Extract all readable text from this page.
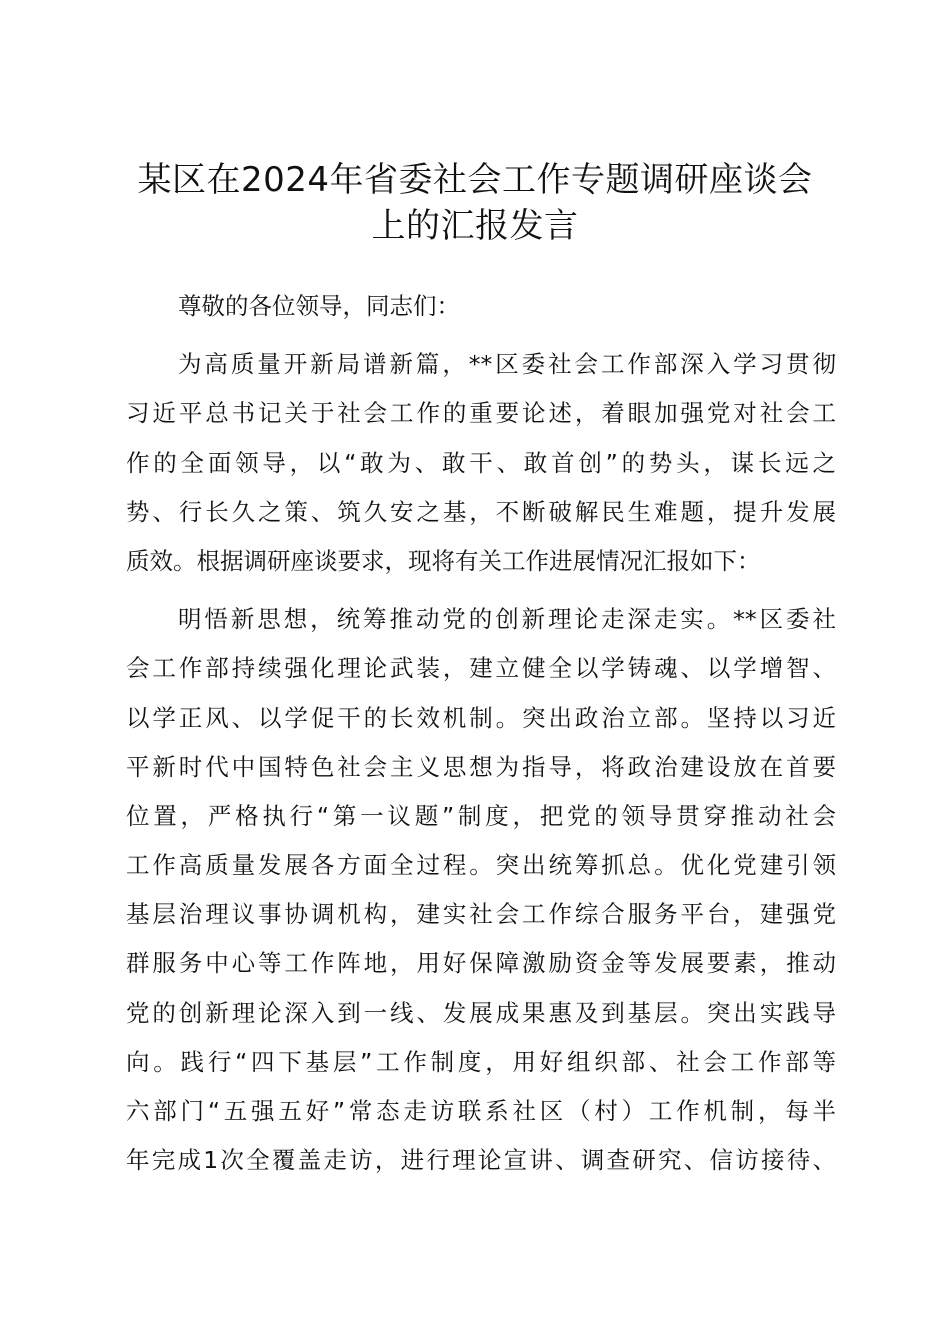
某区在2024年省委社会工作专题调研座谈会
上的汇报发言
尊敬的各位领导，同志们：
为高质量开新局谱新篇，**区委社会工作部深入学习贯彻
习近平总书记关于社会工作的重要论述，着眼加强党对社会工
作的全面领导，以“敢为、敢干、敢首创”的势头，谋长远之
势、行长久之策、筑久安之基，不断破解民生难题，提升发展
质效。根据调研座谈要求，现将有关工作进展情况汇报如下：
明悟新思想，统筹推动党的创新理论走深走实。**区委社
会工作部持续强化理论武装，建立健全以学铸魂、以学增智、
以学正风、以学促干的长效机制。突出政治立部。坚持以习近
平新时代中国特色社会主义思想为指导，将政治建设放在首要
位置，严格执行“第一议题”制度，把党的领导贯穿推动社会
工作高质量发展各方面全过程。突出统筹抓总。优化党建引领
基层治理议事协调机构，建实社会工作综合服务平台，建强党
群服务中心等工作阵地，用好保障激励资金等发展要素，推动
党的创新理论深入到一线、发展成果惠及到基层。突出实践导
向。践行“四下基层”工作制度，用好组织部、社会工作部等
六部门“五强五好”常态走访联系社区（村）工作机制，每半
年完成1次全覆盖走访，进行理论宣讲、调查研究、信访接待、
